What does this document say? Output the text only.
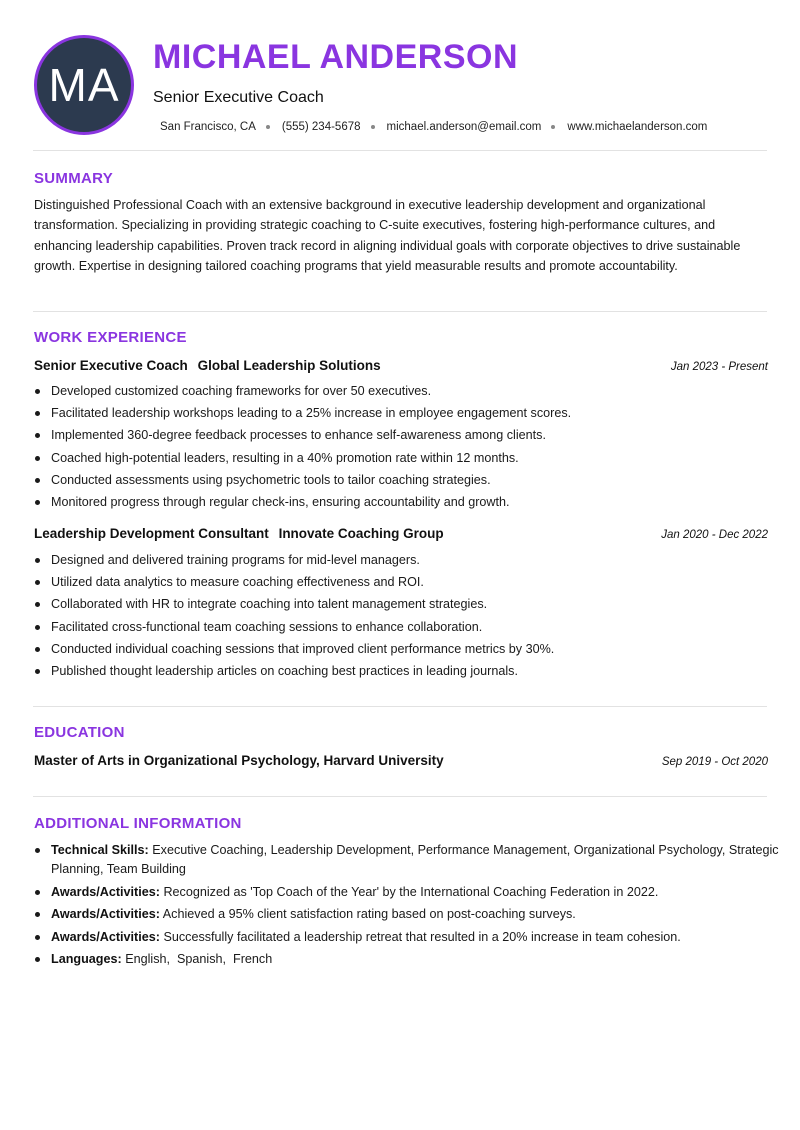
MA
MICHAEL ANDERSON
Senior Executive Coach
San Francisco, CA (555) 234-5678 michael.anderson@email.com www.michaelanderson.com
SUMMARY

Distinguished Professional Coach with an extensive background in executive leadership development and organizational transformation. Specializing in providing strategic coaching to C-suite executives, fostering high-performance cultures, and enhancing leadership capabilities. Proven track record in aligning individual goals with corporate objectives to drive sustainable growth. Expertise in designing tailored coaching programs that yield measurable results and promote accountability.

WORK EXPERIENCE
Senior Executive Coach Global Leadership Solutions	Jan 2023 - Present
Developed customized coaching frameworks for over 50 executives.
Facilitated leadership workshops leading to a 25% increase in employee engagement scores.
Implemented 360-degree feedback processes to enhance self-awareness among clients.
Coached high-potential leaders, resulting in a 40% promotion rate within 12 months.
Conducted assessments using psychometric tools to tailor coaching strategies.
Monitored progress through regular check-ins, ensuring accountability and growth.
Leadership Development Consultant Innovate Coaching Group	Jan 2020 - Dec 2022
Designed and delivered training programs for mid-level managers.
Utilized data analytics to measure coaching effectiveness and ROI.
Collaborated with HR to integrate coaching into talent management strategies.
Facilitated cross-functional team coaching sessions to enhance collaboration.
Conducted individual coaching sessions that improved client performance metrics by 30%.
Published thought leadership articles on coaching best practices in leading journals.
EDUCATION
Master of Arts in Organizational Psychology, Harvard University	Sep 2019 - Oct 2020
ADDITIONAL INFORMATION
Technical Skills: Executive Coaching, Leadership Development, Performance Management, Organizational Psychology, Strategic Planning, Team Building
Awards/Activities: Recognized as 'Top Coach of the Year' by the International Coaching Federation in 2022.
Awards/Activities: Achieved a 95% client satisfaction rating based on post-coaching surveys.
Awards/Activities: Successfully facilitated a leadership retreat that resulted in a 20% increase in team cohesion.
Languages: English,  Spanish,  French
